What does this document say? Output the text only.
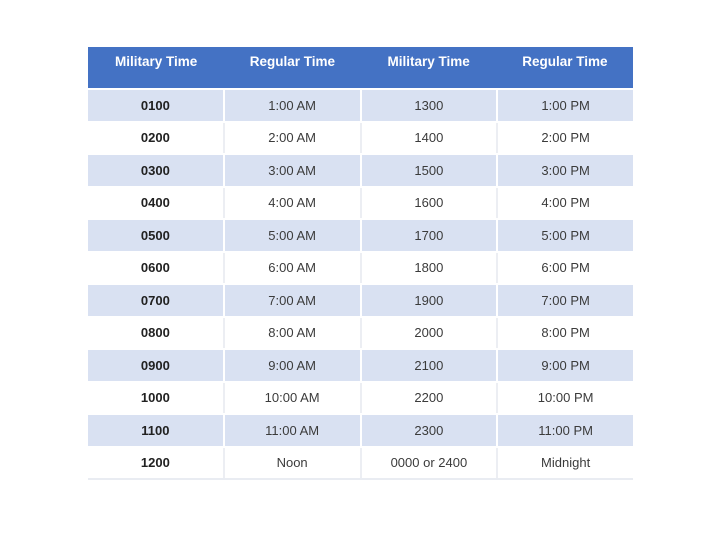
Military Time	Regular Time	Military Time	Regular Time
0100	1:00 AM	1300	1:00 PM
0200	2:00 AM	1400	2:00 PM
0300	3:00 AM	1500	3:00 PM
0400	4:00 AM	1600	4:00 PM
0500	5:00 AM	1700	5:00 PM
0600	6:00 AM	1800	6:00 PM
0700	7:00 AM	1900	7:00 PM
0800	8:00 AM	2000	8:00 PM
0900	9:00 AM	2100	9:00 PM
1000	10:00 AM	2200	10:00 PM
1100	11:00 AM	2300	11:00 PM
1200	Noon	0000 or 2400	Midnight
